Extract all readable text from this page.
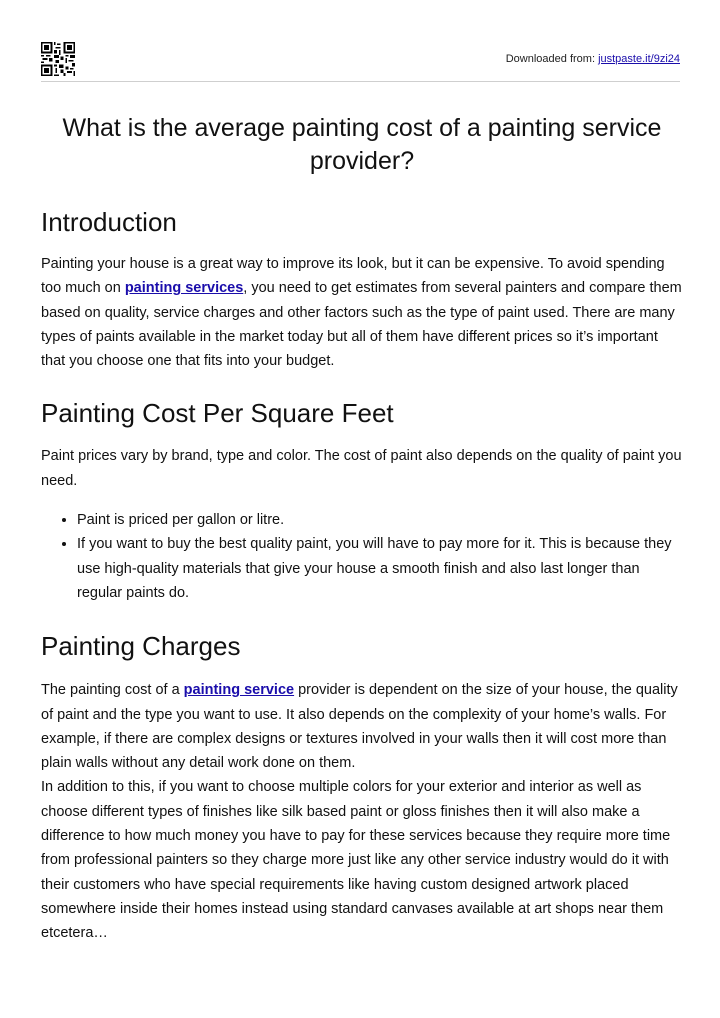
Downloaded from: justpaste.it/9zi24
What is the average painting cost of a painting service provider?
Introduction

Painting your house is a great way to improve its look, but it can be expensive. To avoid spending too much on painting services, you need to get estimates from several painters and compare them based on quality, service charges and other factors such as the type of paint used. There are many types of paints available in the market today but all of them have different prices so it’s important that you choose one that fits into your budget.

Painting Cost Per Square Feet

Paint prices vary by brand, type and color. The cost of paint also depends on the quality of paint you need.

• Paint is priced per gallon or litre.
• If you want to buy the best quality paint, you will have to pay more for it. This is because they use high-quality materials that give your house a smooth finish and also last longer than regular paints do.
Painting Charges

The painting cost of a painting service provider is dependent on the size of your house, the quality of paint and the type you want to use. It also depends on the complexity of your home’s walls. For example, if there are complex designs or textures involved in your walls then it will cost more than plain walls without any detail work done on them.

In addition to this, if you want to choose multiple colors for your exterior and interior as well as choose different types of finishes like silk based paint or gloss finishes then it will also make a difference to how much money you have to pay for these services because they require more time from professional painters so they charge more just like any other service industry would do it with their customers who have special requirements like having custom designed artwork placed somewhere inside their homes instead using standard canvases available at art shops near them etcetera…
